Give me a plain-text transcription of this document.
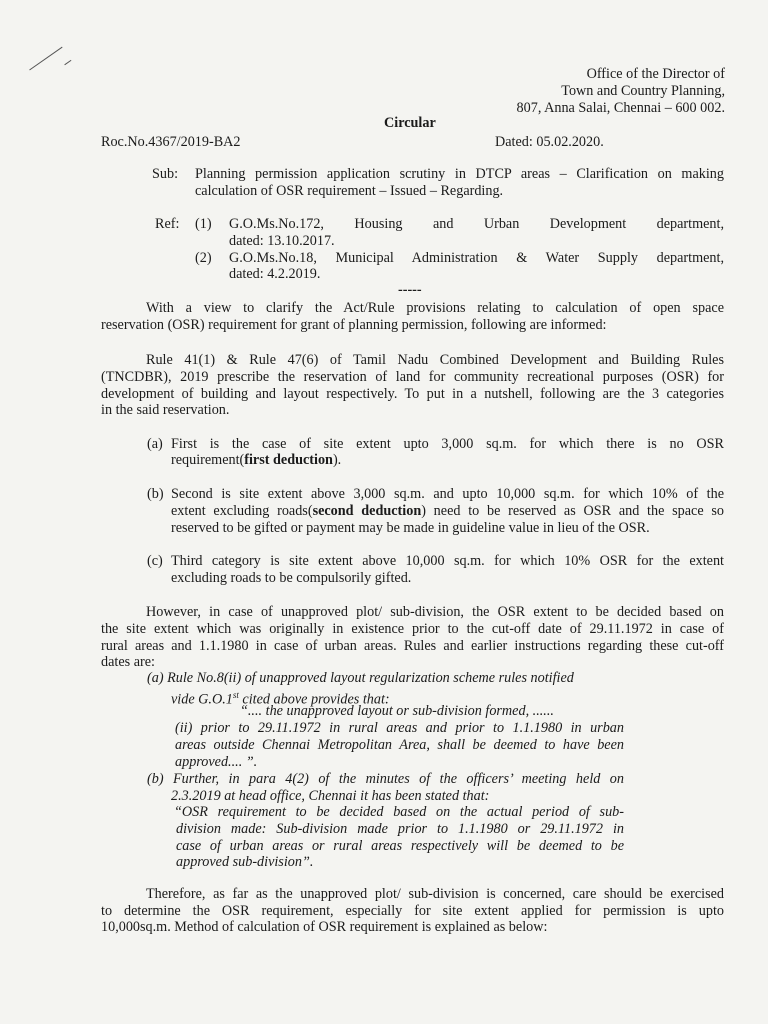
Office of the Director of
Town and Country Planning,
807, Anna Salai, Chennai – 600 002.
Circular
Roc.No.4367/2019-BA2	Dated: 05.02.2020.
Sub: Planning permission application scrutiny in DTCP areas – Clarification on making
calculation of OSR requirement – Issued – Regarding.
Ref: (1) G.O.Ms.No.172, Housing and Urban Development department,
dated: 13.10.2017.
(2) G.O.Ms.No.18, Municipal Administration & Water Supply department,
dated: 4.2.2019.
-----
With a view to clarify the Act/Rule provisions relating to calculation of open space
reservation (OSR) requirement for grant of planning permission, following are informed:
Rule 41(1) & Rule 47(6) of Tamil Nadu Combined Development and Building Rules
(TNCDBR), 2019 prescribe the reservation of land for community recreational purposes (OSR) for
development of building and layout respectively. To put in a nutshell, following are the 3 categories
in the said reservation.
(a) First is the case of site extent upto 3,000 sq.m. for which there is no OSR
requirement(first deduction).
(b) Second is site extent above 3,000 sq.m. and upto 10,000 sq.m. for which 10% of the
extent excluding roads(second deduction) need to be reserved as OSR and the space so
reserved to be gifted or payment may be made in guideline value in lieu of the OSR.
(c) Third category is site extent above 10,000 sq.m. for which 10% OSR for the extent
excluding roads to be compulsorily gifted.
However, in case of unapproved plot/ sub-division, the OSR extent to be decided based on
the site extent which was originally in existence prior to the cut-off date of 29.11.1972 in case of
rural areas and 1.1.1980 in case of urban areas. Rules and earlier instructions regarding these cut-off
dates are:
(a) Rule No.8(ii) of unapproved layout regularization scheme rules notified
vide G.O.1st cited above provides that:
“.... the unapproved layout or sub-division formed, ......
(ii) prior to 29.11.1972 in rural areas and prior to 1.1.1980 in urban
areas outside Chennai Metropolitan Area, shall be deemed to have been
approved.... ”.
(b) Further, in para 4(2) of the minutes of the officers’ meeting held on
2.3.2019 at head office, Chennai it has been stated that:
“OSR requirement to be decided based on the actual period of sub-
division made: Sub-division made prior to 1.1.1980 or 29.11.1972 in
case of urban areas or rural areas respectively will be deemed to be
approved sub-division”.
Therefore, as far as the unapproved plot/ sub-division is concerned, care should be exercised
to determine the OSR requirement, especially for site extent applied for permission is upto
10,000sq.m. Method of calculation of OSR requirement is explained as below:
